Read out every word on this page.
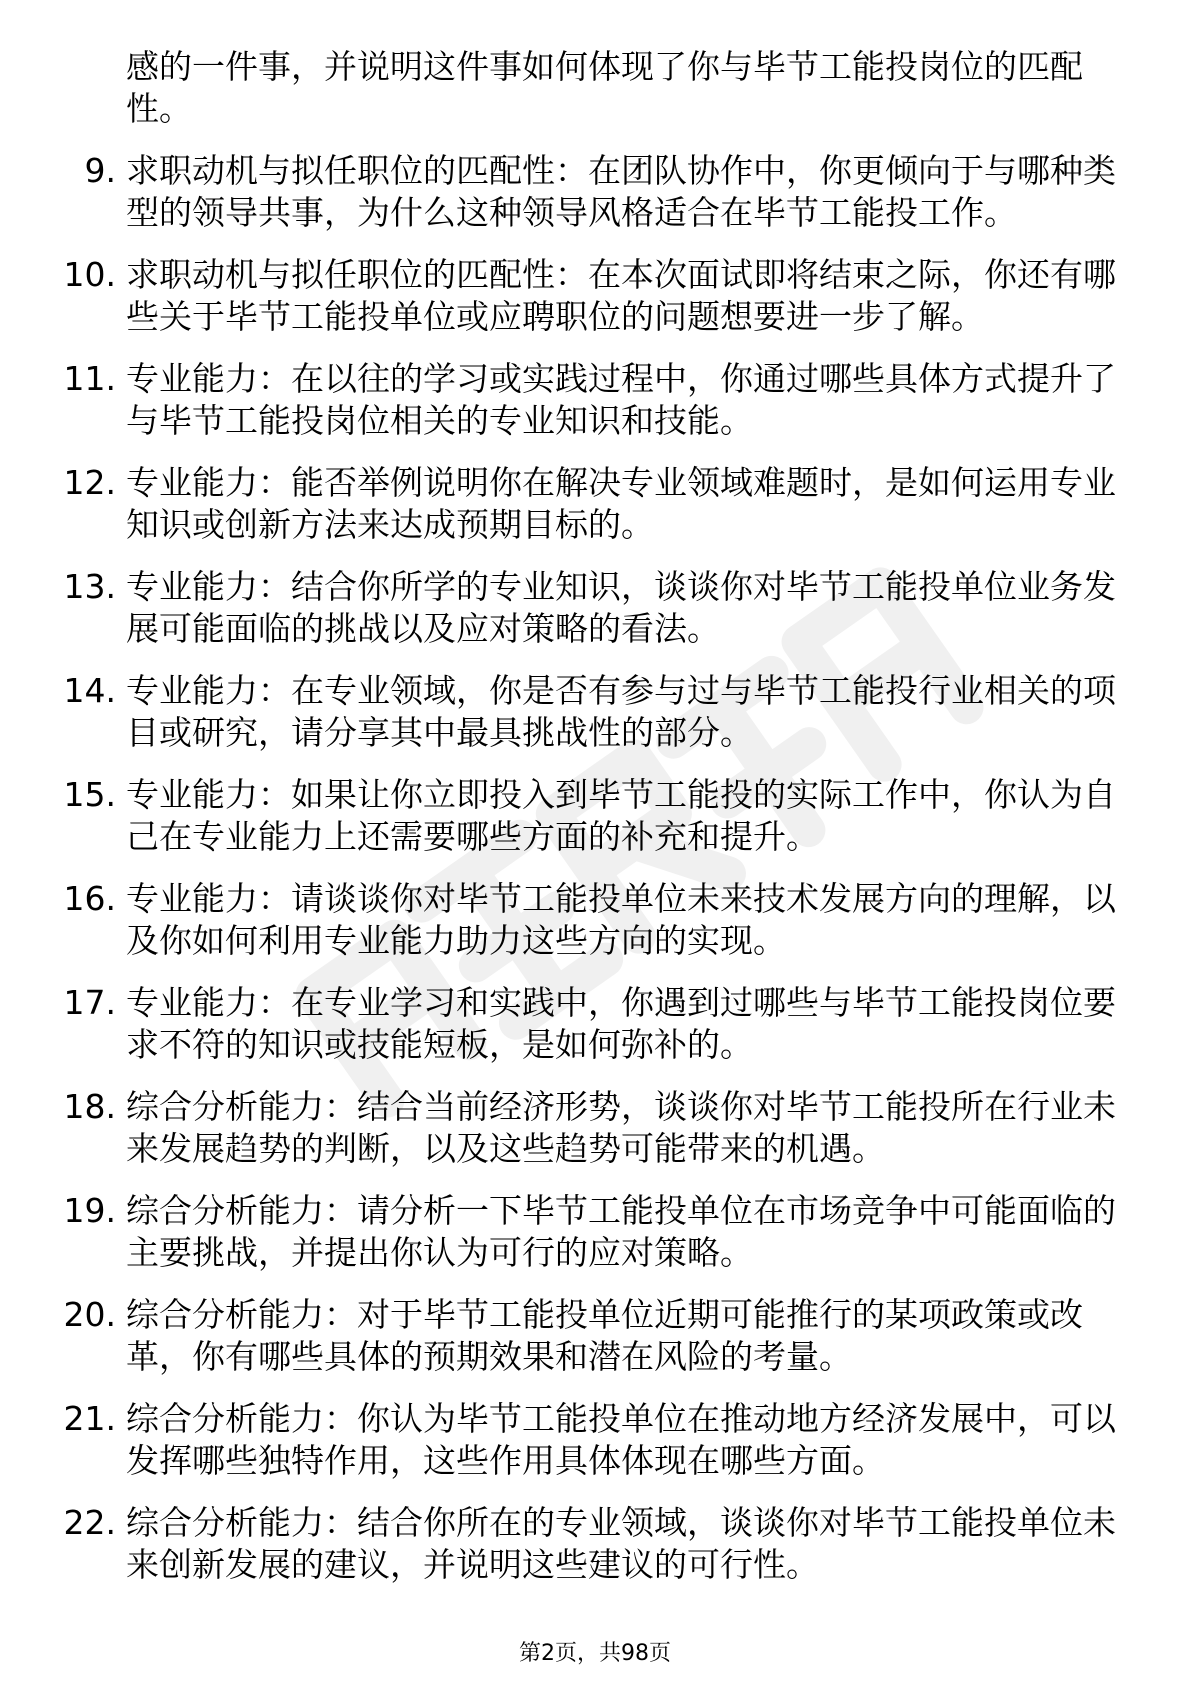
感的一件事，并说明这件事如何体现了你与毕节工能投岗位的匹配性。
9. 求职动机与拟任职位的匹配性：在团队协作中，你更倾向于与哪种类型的领导共事，为什么这种领导风格适合在毕节工能投工作。
10. 求职动机与拟任职位的匹配性：在本次面试即将结束之际，你还有哪些关于毕节工能投单位或应聘职位的问题想要进一步了解。
11. 专业能力：在以往的学习或实践过程中，你通过哪些具体方式提升了与毕节工能投岗位相关的专业知识和技能。
12. 专业能力：能否举例说明你在解决专业领域难题时，是如何运用专业知识或创新方法来达成预期目标的。
13. 专业能力：结合你所学的专业知识，谈谈你对毕节工能投单位业务发展可能面临的挑战以及应对策略的看法。
14. 专业能力：在专业领域，你是否有参与过与毕节工能投行业相关的项目或研究，请分享其中最具挑战性的部分。
15. 专业能力：如果让你立即投入到毕节工能投的实际工作中，你认为自己在专业能力上还需要哪些方面的补充和提升。
16. 专业能力：请谈谈你对毕节工能投单位未来技术发展方向的理解，以及你如何利用专业能力助力这些方向的实现。
17. 专业能力：在专业学习和实践中，你遇到过哪些与毕节工能投岗位要求不符的知识或技能短板，是如何弥补的。
18. 综合分析能力：结合当前经济形势，谈谈你对毕节工能投所在行业未来发展趋势的判断，以及这些趋势可能带来的机遇。
19. 综合分析能力：请分析一下毕节工能投单位在市场竞争中可能面临的主要挑战，并提出你认为可行的应对策略。
20. 综合分析能力：对于毕节工能投单位近期可能推行的某项政策或改革，你有哪些具体的预期效果和潜在风险的考量。
21. 综合分析能力：你认为毕节工能投单位在推动地方经济发展中，可以发挥哪些独特作用，这些作用具体体现在哪些方面。
22. 综合分析能力：结合你所在的专业领域，谈谈你对毕节工能投单位未来创新发展的建议，并说明这些建议的可行性。
第2页，共98页
